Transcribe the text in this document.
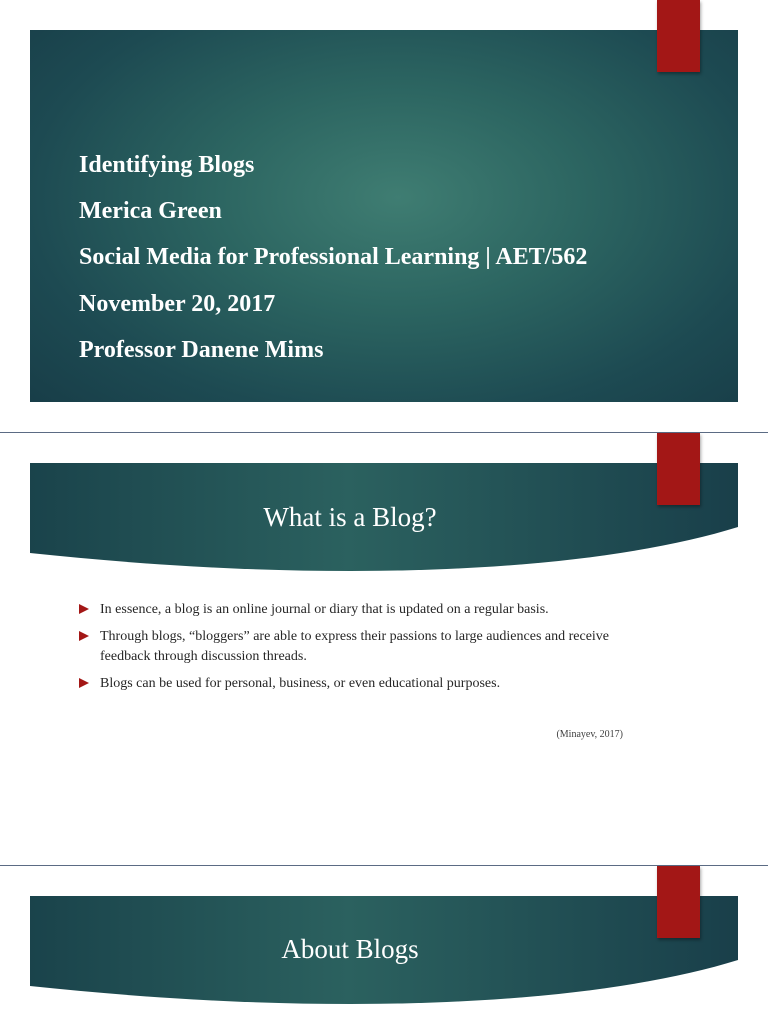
Identifying Blogs
Merica Green
Social Media for Professional Learning | AET/562
November 20, 2017
Professor Danene Mims
What is a Blog?
In essence, a blog is an online journal or diary that is updated on a regular basis.
Through blogs, “bloggers” are able to express their passions to large audiences and receive feedback through discussion threads.
Blogs can be used for personal, business, or even educational purposes.
(Minayev, 2017)
About Blogs
